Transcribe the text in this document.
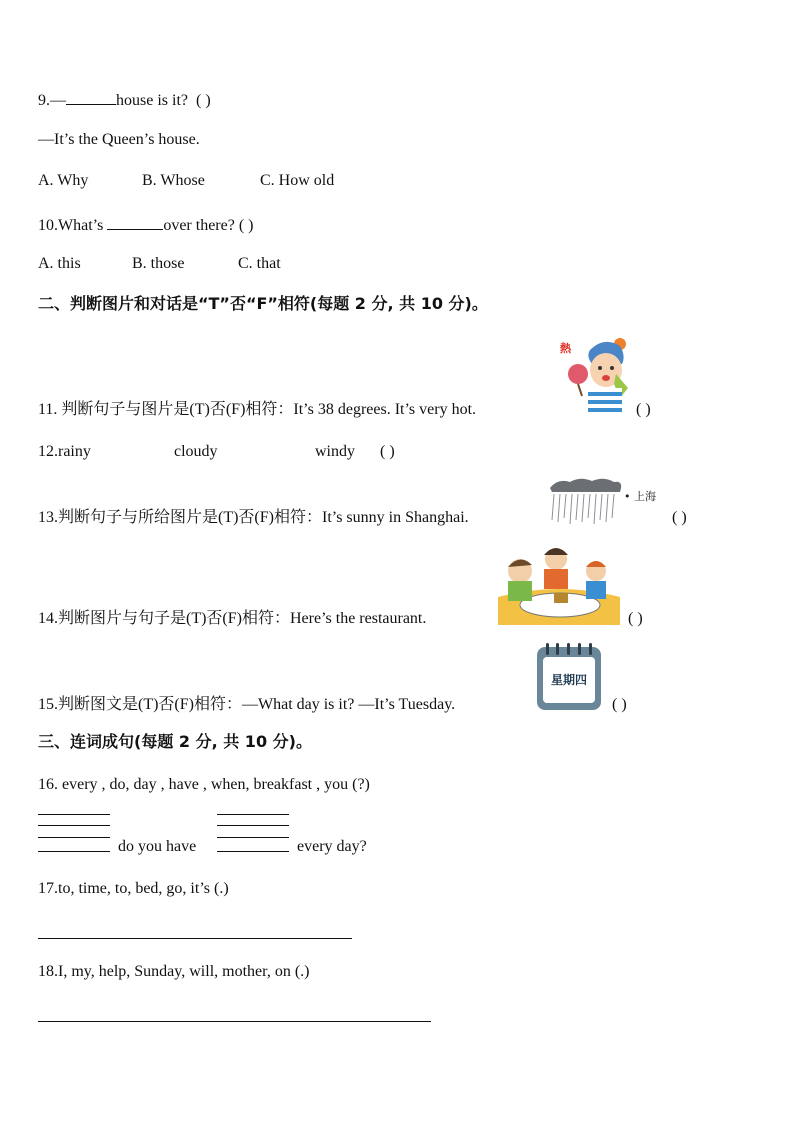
9.—	house is it? ( )
—It’s the Queen’s house.
A. Why	B. Whose	C. How old
10.What’s	over there? ( )
A. this	B. those	C. that
二、判断图片和对话是“T”否“F”相符(每题 2 分, 共 10 分)。
熱
11. 判断句子与图片是(T)否(F)相符：It’s 38 degrees. It’s very hot.	( )
12.rainy	cloudy	windy ( )
• 上海
13.判断句子与所给图片是(T)否(F)相符：It’s sunny in Shanghai.	( )
14.判断图片与句子是(T)否(F)相符：Here’s the restaurant.	( )
星期四
15.判断图文是(T)否(F)相符：—What day is it? —It’s Tuesday.	( )
三、连词成句(每题 2 分, 共 10 分)。
16. every , do, day , have , when, breakfast , you (?)
do you have	every day?
17.to, time, to, bed, go, it’s (.)
18.I, my, help, Sunday, will, mother, on (.)
